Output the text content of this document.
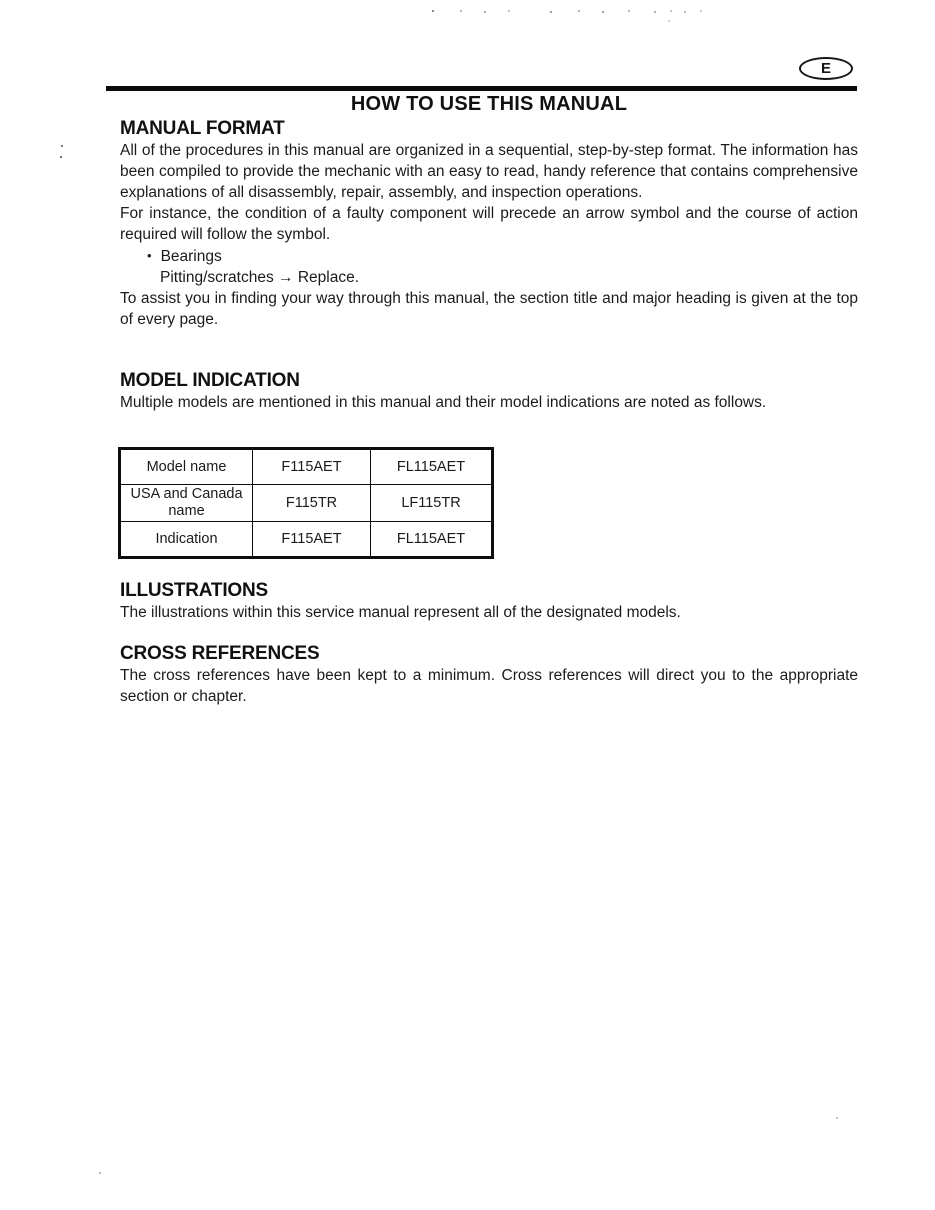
E
HOW TO USE THIS MANUAL
MANUAL FORMAT

All of the procedures in this manual are organized in a sequential, step-by-step format. The information has been compiled to provide the mechanic with an easy to read, handy reference that contains comprehensive explanations of all disassembly, repair, assembly, and inspection operations.

For instance, the condition of a faulty component will precede an arrow symbol and the course of action required will follow the symbol.

• Bearings

Pitting/scratches → Replace.

To assist you in finding your way through this manual, the section title and major heading is given at the top of every page.

MODEL INDICATION

Multiple models are mentioned in this manual and their model indications are noted as follows.

Model name	F115AET	FL115AET
USA and Canada name	F115TR	LF115TR
Indication	F115AET	FL115AET
ILLUSTRATIONS

The illustrations within this service manual represent all of the designated models.

CROSS REFERENCES

The cross references have been kept to a minimum. Cross references will direct you to the appropriate section or chapter.
